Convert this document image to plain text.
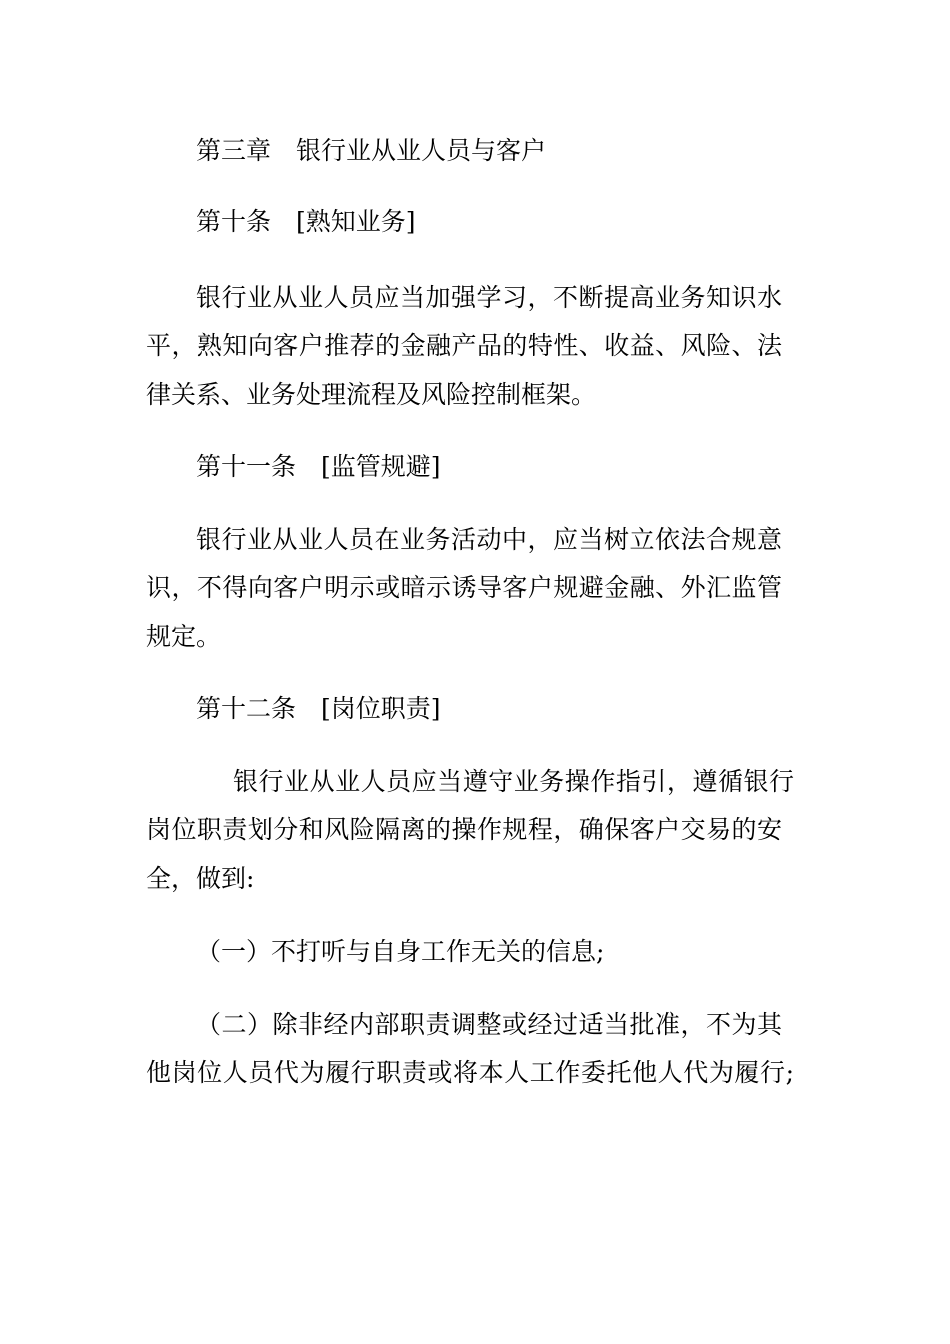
第三章　银行业从业人员与客户
第十条　[熟知业务]
银行业从业人员应当加强学习，不断提高业务知识水
平，熟知向客户推荐的金融产品的特性、收益、风险、法
律关系、业务处理流程及风险控制框架。
第十一条　[监管规避]
银行业从业人员在业务活动中，应当树立依法合规意
识，不得向客户明示或暗示诱导客户规避金融、外汇监管
规定。
第十二条　[岗位职责]
银行业从业人员应当遵守业务操作指引，遵循银行
岗位职责划分和风险隔离的操作规程，确保客户交易的安
全，做到:
（一）不打听与自身工作无关的信息;
（二）除非经内部职责调整或经过适当批准，不为其
他岗位人员代为履行职责或将本人工作委托他人代为履行;
